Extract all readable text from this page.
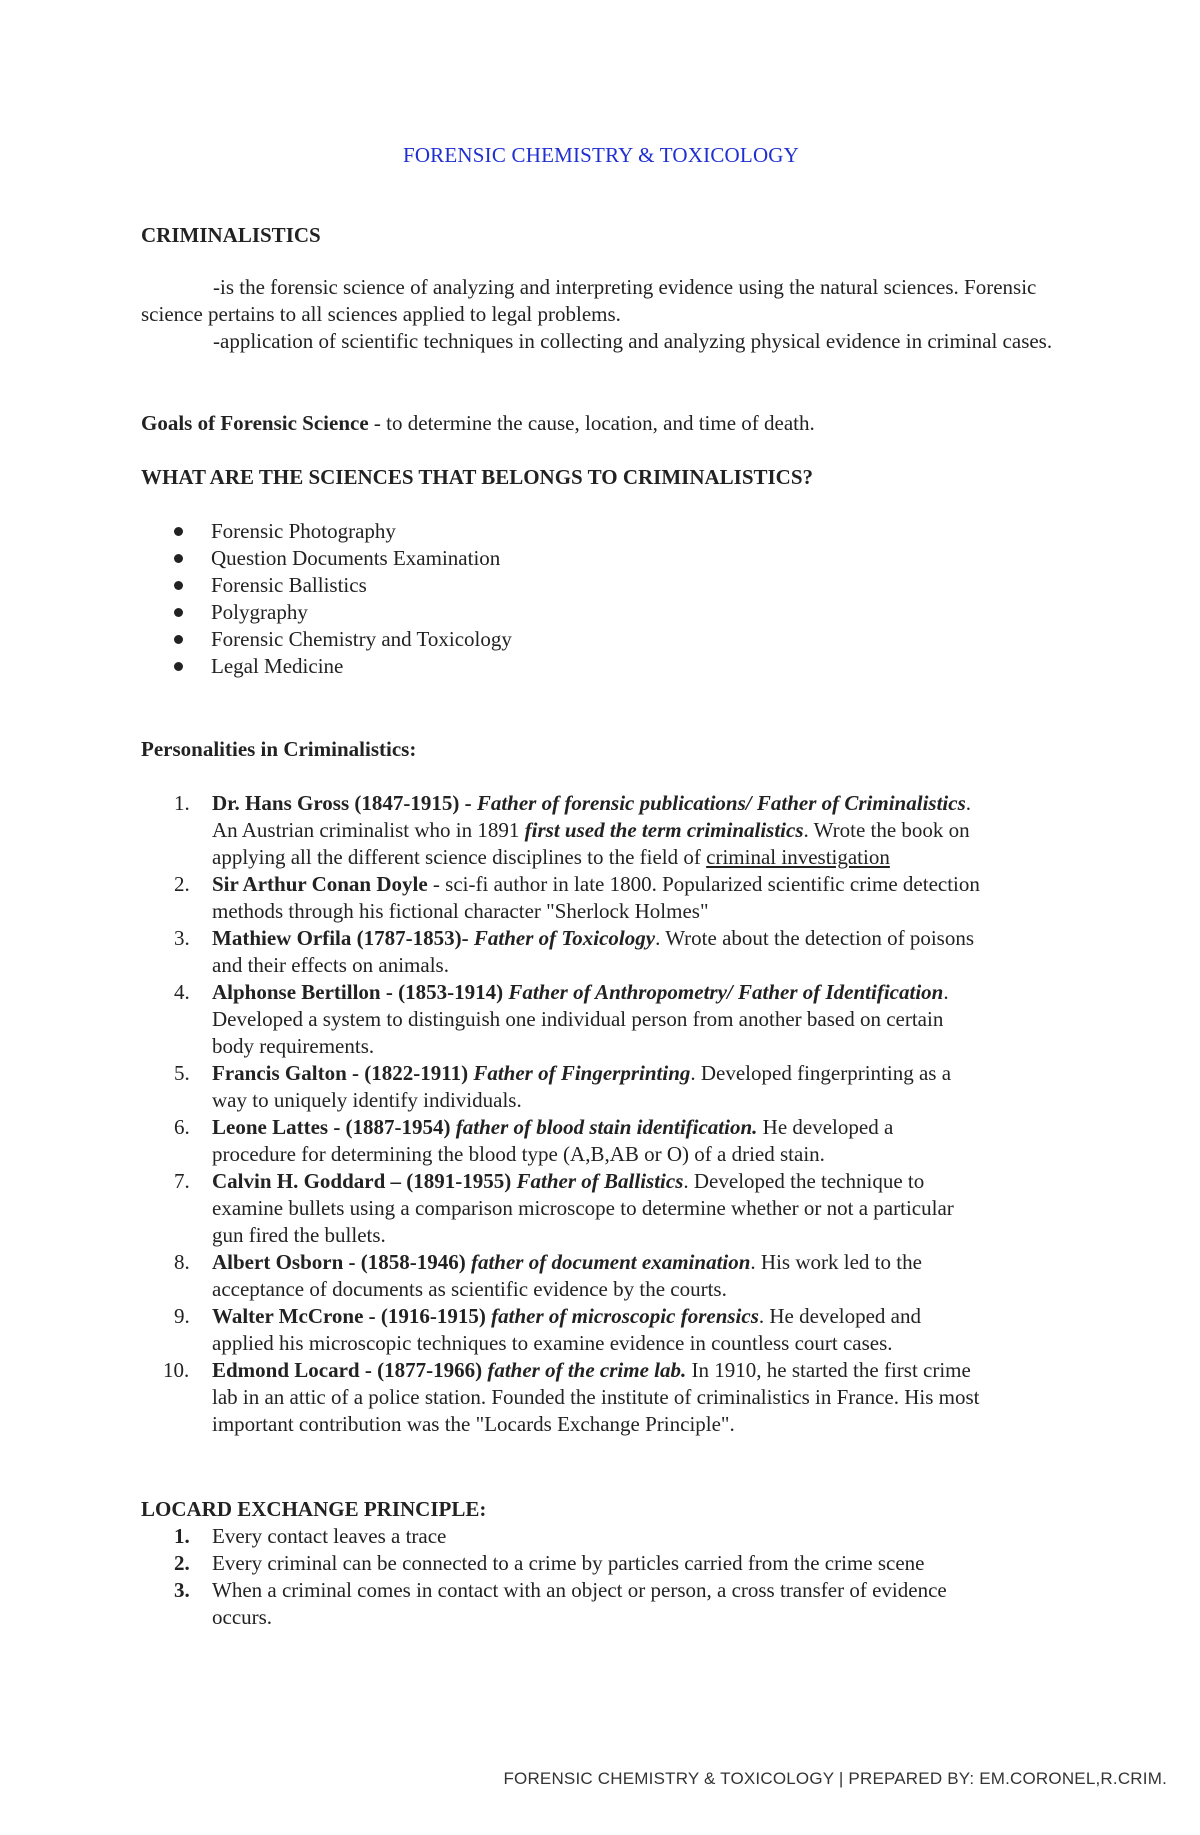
FORENSIC CHEMISTRY & TOXICOLOGY

CRIMINALISTICS

-is the forensic science of analyzing and interpreting evidence using the natural sciences. Forensic science pertains to all sciences applied to legal problems.

-application of scientific techniques in collecting and analyzing physical evidence in criminal cases.

Goals of Forensic Science - to determine the cause, location, and time of death.

WHAT ARE THE SCIENCES THAT BELONGS TO CRIMINALISTICS?

Forensic Photography
Question Documents Examination
Forensic Ballistics
Polygraphy
Forensic Chemistry and Toxicology
Legal Medicine

Personalities in Criminalistics:

1. Dr. Hans Gross (1847-1915) - Father of forensic publications/ Father of Criminalistics. An Austrian criminalist who in 1891 first used the term criminalistics. Wrote the book on applying all the different science disciplines to the field of criminal investigation
2. Sir Arthur Conan Doyle - sci-fi author in late 1800. Popularized scientific crime detection methods through his fictional character "Sherlock Holmes"
3. Mathiew Orfila (1787-1853)- Father of Toxicology. Wrote about the detection of poisons and their effects on animals.
4. Alphonse Bertillon - (1853-1914) Father of Anthropometry/ Father of Identification. Developed a system to distinguish one individual person from another based on certain body requirements.
5. Francis Galton - (1822-1911) Father of Fingerprinting. Developed fingerprinting as a way to uniquely identify individuals.
6. Leone Lattes - (1887-1954) father of blood stain identification. He developed a procedure for determining the blood type (A,B,AB or O) of a dried stain.
7. Calvin H. Goddard – (1891-1955) Father of Ballistics. Developed the technique to examine bullets using a comparison microscope to determine whether or not a particular gun fired the bullets.
8. Albert Osborn - (1858-1946) father of document examination. His work led to the acceptance of documents as scientific evidence by the courts.
9. Walter McCrone - (1916-1915) father of microscopic forensics. He developed and applied his microscopic techniques to examine evidence in countless court cases.
10. Edmond Locard - (1877-1966) father of the crime lab. In 1910, he started the first crime lab in an attic of a police station. Founded the institute of criminalistics in France. His most important contribution was the "Locards Exchange Principle".

LOCARD EXCHANGE PRINCIPLE:

1. Every contact leaves a trace
2. Every criminal can be connected to a crime by particles carried from the crime scene
3. When a criminal comes in contact with an object or person, a cross transfer of evidence occurs.
FORENSIC CHEMISTRY & TOXICOLOGY | PREPARED BY: EM.CORONEL,R.CRIM.
